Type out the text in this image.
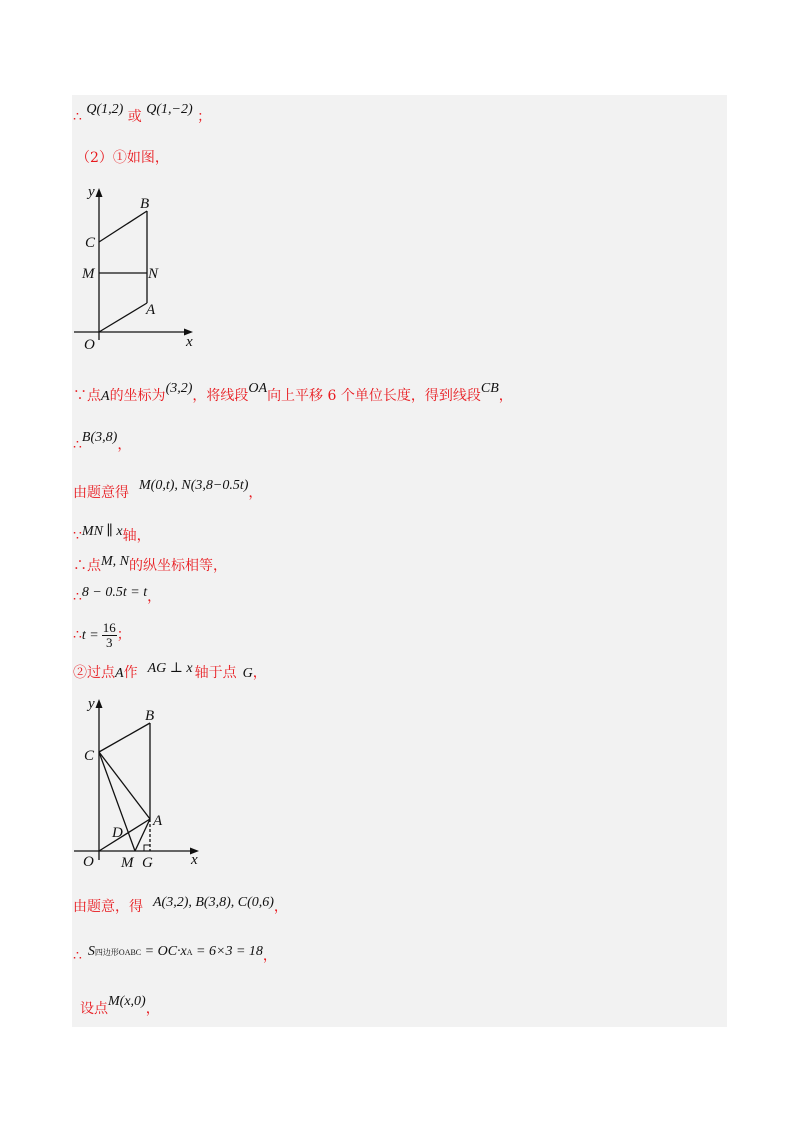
∴ Q(1,2) 或 Q(1,−2) ；
（2）①如图，
y
x
O
C
B
M	N
A
∵点A的坐标为(3,2)，将线段OA向上平移 6 个单位长度，得到线段CB，
∴B(3,8)，
由题意得 M(0,t), N(3,8−0.5t)，
∵MN ∥ x轴，
∴点M, N的纵坐标相等，
∴8 − 0.5t = t，
∴t = $\frac{16}{3}$ ；
②过点A作 AG ⊥ x 轴于点 G，
y
x
O
C
B
A
D
M G
由题意，得 A(3,2), B(3,8), C(0,6)，
∴ S四边形OABC = OC·xA = 6×3 = 18，
设点M(x,0)，
